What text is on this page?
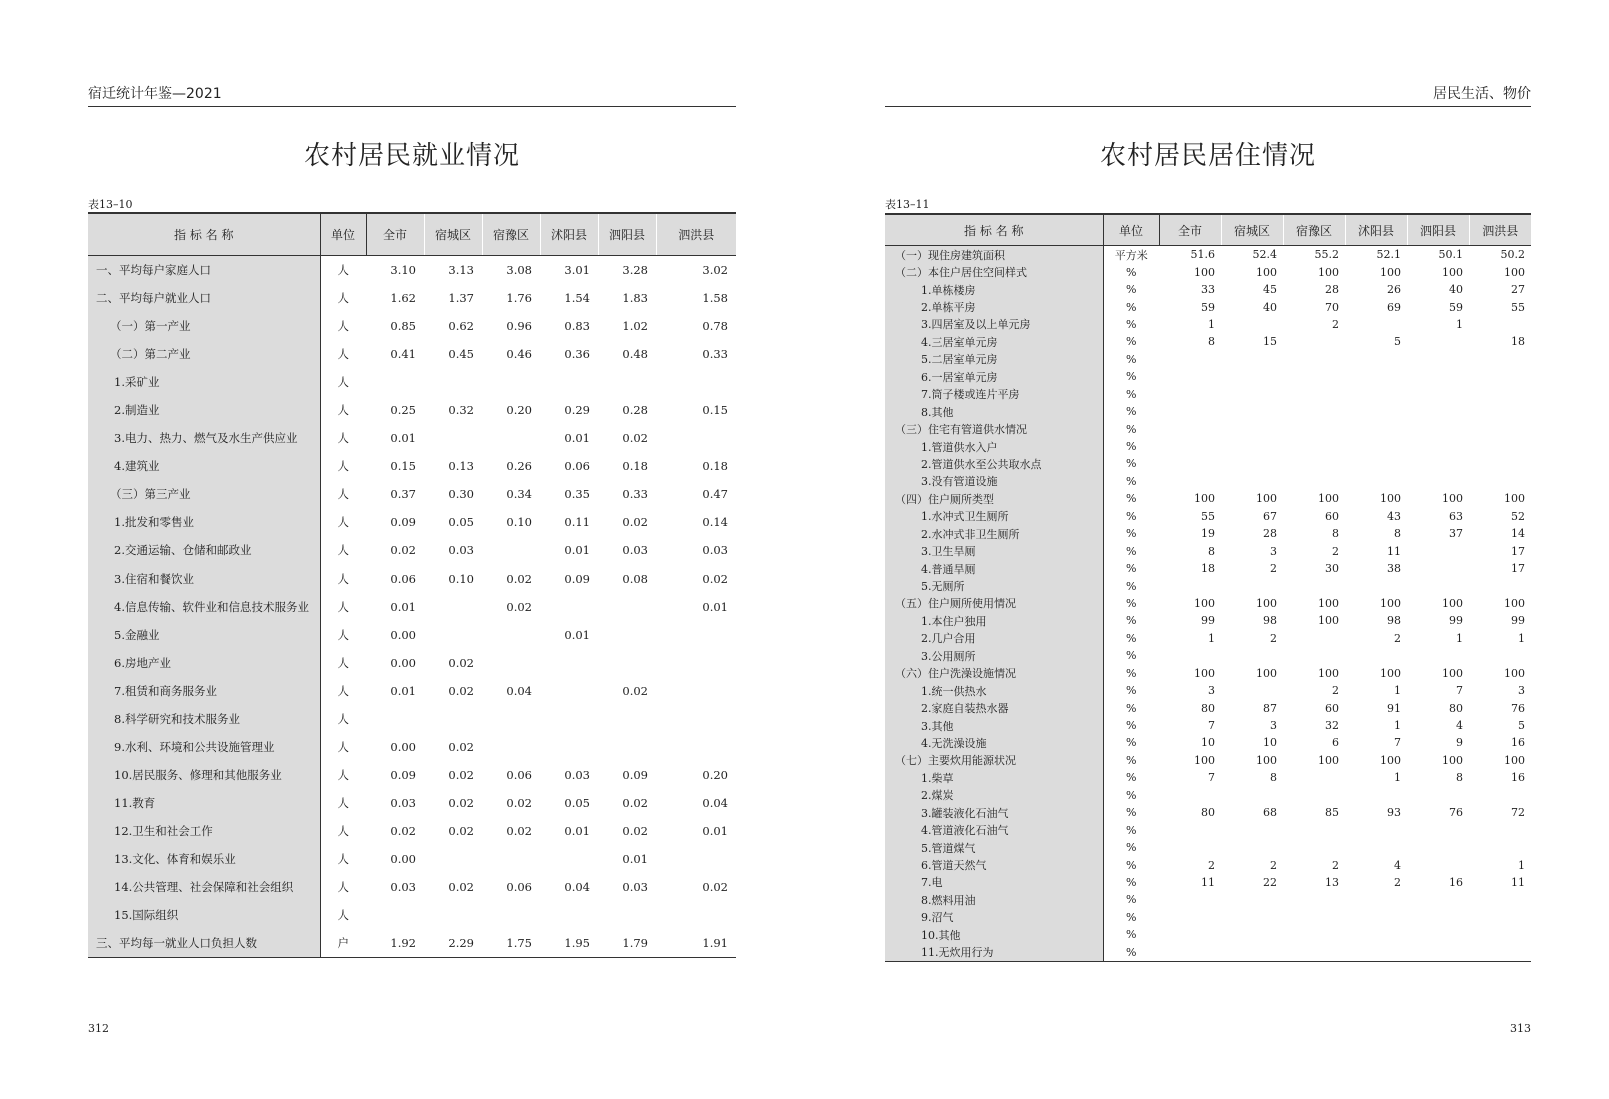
宿迁统计年鉴—2021
农村居民就业情况
表13–10
指 标 名 称	单位	全市	宿城区	宿豫区	沭阳县	泗阳县	泗洪县
一、平均每户家庭人口	人	3.10	3.13	3.08	3.01	3.28	3.02
二、平均每户就业人口	人	1.62	1.37	1.76	1.54	1.83	1.58
（一）第一产业	人	0.85	0.62	0.96	0.83	1.02	0.78
（二）第二产业	人	0.41	0.45	0.46	0.36	0.48	0.33
1.采矿业	人						
2.制造业	人	0.25	0.32	0.20	0.29	0.28	0.15
3.电力、热力、燃气及水生产供应业	人	0.01			0.01	0.02	
4.建筑业	人	0.15	0.13	0.26	0.06	0.18	0.18
（三）第三产业	人	0.37	0.30	0.34	0.35	0.33	0.47
1.批发和零售业	人	0.09	0.05	0.10	0.11	0.02	0.14
2.交通运输、仓储和邮政业	人	0.02	0.03		0.01	0.03	0.03
3.住宿和餐饮业	人	0.06	0.10	0.02	0.09	0.08	0.02
4.信息传输、软件业和信息技术服务业	人	0.01		0.02			0.01
5.金融业	人	0.00			0.01		
6.房地产业	人	0.00	0.02				
7.租赁和商务服务业	人	0.01	0.02	0.04		0.02	
8.科学研究和技术服务业	人						
9.水利、环境和公共设施管理业	人	0.00	0.02				
10.居民服务、修理和其他服务业	人	0.09	0.02	0.06	0.03	0.09	0.20
11.教育	人	0.03	0.02	0.02	0.05	0.02	0.04
12.卫生和社会工作	人	0.02	0.02	0.02	0.01	0.02	0.01
13.文化、体育和娱乐业	人	0.00				0.01	
14.公共管理、社会保障和社会组织	人	0.03	0.02	0.06	0.04	0.03	0.02
15.国际组织	人						
三、平均每一就业人口负担人数	户	1.92	2.29	1.75	1.95	1.79	1.91
312
居民生活、物价
农村居民居住情况
表13–11
指 标 名 称	单位	全市	宿城区	宿豫区	沭阳县	泗阳县	泗洪县
（一）现住房建筑面积	平方米	51.6	52.4	55.2	52.1	50.1	50.2
（二）本住户居住空间样式	%	100	100	100	100	100	100
1.单栋楼房	%	33	45	28	26	40	27
2.单栋平房	%	59	40	70	69	59	55
3.四居室及以上单元房	%	1		2		1	
4.三居室单元房	%	8	15		5		18
5.二居室单元房	%						
6.一居室单元房	%						
7.筒子楼或连片平房	%						
8.其他	%						
（三）住宅有管道供水情况	%						
1.管道供水入户	%						
2.管道供水至公共取水点	%						
3.没有管道设施	%						
（四）住户厕所类型	%	100	100	100	100	100	100
1.水冲式卫生厕所	%	55	67	60	43	63	52
2.水冲式非卫生厕所	%	19	28	8	8	37	14
3.卫生旱厕	%	8	3	2	11		17
4.普通旱厕	%	18	2	30	38		17
5.无厕所	%						
（五）住户厕所使用情况	%	100	100	100	100	100	100
1.本住户独用	%	99	98	100	98	99	99
2.几户合用	%	1	2		2	1	1
3.公用厕所	%						
（六）住户洗澡设施情况	%	100	100	100	100	100	100
1.统一供热水	%	3		2	1	7	3
2.家庭自装热水器	%	80	87	60	91	80	76
3.其他	%	7	3	32	1	4	5
4.无洗澡设施	%	10	10	6	7	9	16
（七）主要炊用能源状况	%	100	100	100	100	100	100
1.柴草	%	7	8		1	8	16
2.煤炭	%						
3.罐装液化石油气	%	80	68	85	93	76	72
4.管道液化石油气	%						
5.管道煤气	%						
6.管道天然气	%	2	2	2	4		1
7.电	%	11	22	13	2	16	11
8.燃料用油	%						
9.沼气	%						
10.其他	%						
11.无炊用行为	%						
313
